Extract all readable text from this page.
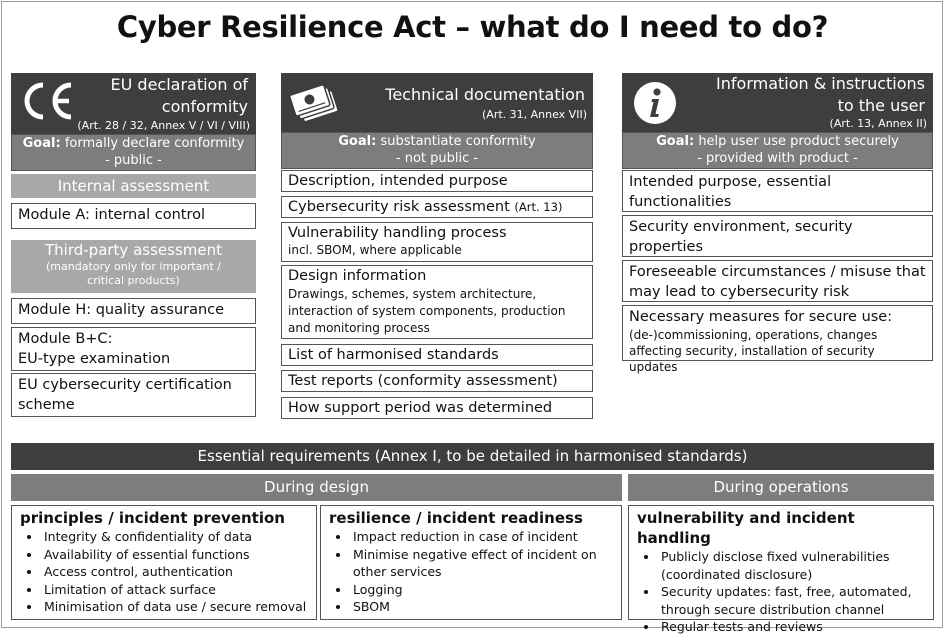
Cyber Resilience Act – what do I need to do?
EU declaration of conformity
(Art. 28 / 32, Annex V / VI / VIII)
Goal: formally declare conformity
- public -
Internal assessment
Module A: internal control
Third-party assessment
(mandatory only for important / critical products)
Module H: quality assurance
Module B+C:
EU-type examination
EU cybersecurity certification
scheme
Technical documentation
(Art. 31, Annex VII)
Goal: substantiate conformity
- not public -
Description, intended purpose
Cybersecurity risk assessment (Art. 13)
Vulnerability handling process
incl. SBOM, where applicable
Design information
Drawings, schemes, system architecture, interaction of system components, production and monitoring process
List of harmonised standards
Test reports (conformity assessment)
How support period was determined
Information & instructions to the user
(Art. 13, Annex II)
Goal: help user use product securely
- provided with product -
Intended purpose, essential functionalities
Security environment, security properties
Foreseeable circumstances / misuse that may lead to cybersecurity risk
Necessary measures for secure use:
(de-)commissioning, operations, changes affecting security, installation of security updates
Essential requirements (Annex I, to be detailed in harmonised standards)
During design	During operations
principles / incident prevention
• Integrity & confidentiality of data
• Availability of essential functions
• Access control, authentication
• Limitation of attack surface
• Minimisation of data use / secure removal
resilience / incident readiness
• Impact reduction in case of incident
• Minimise negative effect of incident on other services
• Logging
• SBOM
vulnerability and incident handling
• Publicly disclose fixed vulnerabilities (coordinated disclosure)
• Security updates: fast, free, automated, through secure distribution channel
• Regular tests and reviews
